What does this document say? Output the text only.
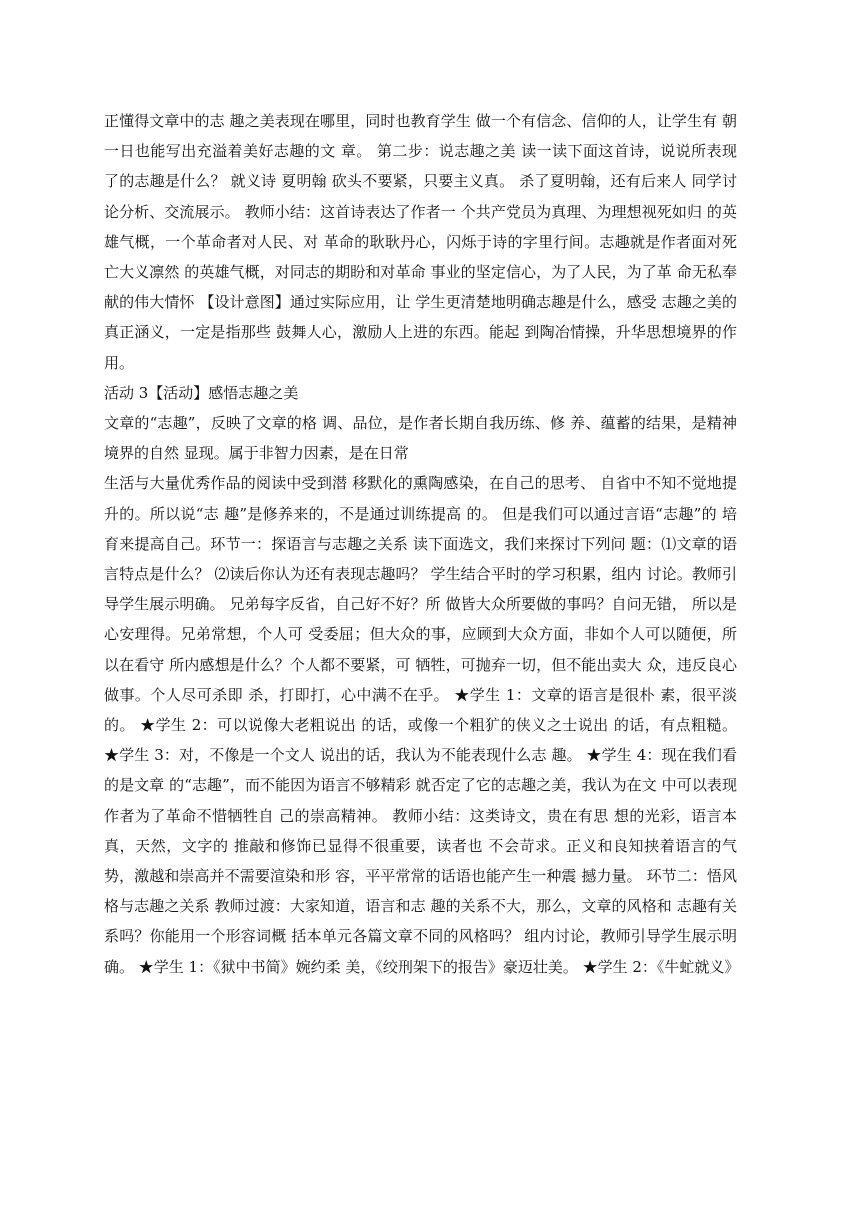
正懂得文章中的志 趣之美表现在哪里，同时也教育学生 做一个有信念、信仰的人，让学生有 朝一日也能写出充溢着美好志趣的文 章。 第二步：说志趣之美 读一读下面这首诗，说说所表现 了的志趣是什么？ 就义诗 夏明翰 砍头不要紧，只要主义真。 杀了夏明翰，还有后来人 同学讨论分析、交流展示。 教师小结：这首诗表达了作者一 个共产党员为真理、为理想视死如归 的英雄气概，一个革命者对人民、对 革命的耿耿丹心，闪烁于诗的字里行间。志趣就是作者面对死亡大义凛然 的英雄气概，对同志的期盼和对革命 事业的坚定信心，为了人民，为了革 命无私奉献的伟大情怀 【设计意图】通过实际应用，让 学生更清楚地明确志趣是什么，感受 志趣之美的真正涵义，一定是指那些 鼓舞人心，激励人上进的东西。能起 到陶冶情操，升华思想境界的作用。

活动 3【活动】感悟志趣之美

文章的“志趣”，反映了文章的格 调、品位，是作者长期自我历练、修 养、蕴蓄的结果，是精神境界的自然 显现。属于非智力因素，是在日常

生活与大量优秀作品的阅读中受到潜 移默化的熏陶感染，在自己的思考、 自省中不知不觉地提升的。所以说“志 趣”是修养来的，不是通过训练提高 的。 但是我们可以通过言语“志趣”的 培育来提高自己。环节一：探语言与志趣之关系 读下面选文，我们来探讨下列问 题：⑴文章的语言特点是什么？ ⑵读后你认为还有表现志趣吗？ 学生结合平时的学习积累，组内 讨论。教师引导学生展示明确。 兄弟每字反省，自己好不好？所 做皆大众所要做的事吗？自问无错， 所以是心安理得。兄弟常想，个人可 受委屈；但大众的事，应顾到大众方面，非如个人可以随便，所以在看守 所内感想是什么？个人都不要紧，可 牺牲，可抛弃一切，但不能出卖大 众，违反良心做事。个人尽可杀即 杀，打即打，心中满不在乎。 ★学生 1：文章的语言是很朴 素，很平淡的。 ★学生 2：可以说像大老粗说出 的话，或像一个粗犷的侠义之士说出 的话，有点粗糙。 ★学生 3：对，不像是一个文人 说出的话，我认为不能表现什么志 趣。 ★学生 4：现在我们看的是文章 的“志趣”，而不能因为语言不够精彩 就否定了它的志趣之美，我认为在文 中可以表现作者为了革命不惜牺牲自 己的崇高精神。 教师小结：这类诗文，贵在有思 想的光彩，语言本真，天然，文字的 推敲和修饰已显得不很重要，读者也 不会苛求。正义和良知挟着语言的气 势，激越和崇高并不需要渲染和形 容，平平常常的话语也能产生一种震 撼力量。 环节二：悟风格与志趣之关系 教师过渡：大家知道，语言和志 趣的关系不大，那么，文章的风格和 志趣有关系吗？你能用一个形容词概 括本单元各篇文章不同的风格吗？ 组内讨论，教师引导学生展示明 确。 ★学生 1：《狱中书简》婉约柔 美，《绞刑架下的报告》豪迈壮美。 ★学生 2：《牛虻就义》
